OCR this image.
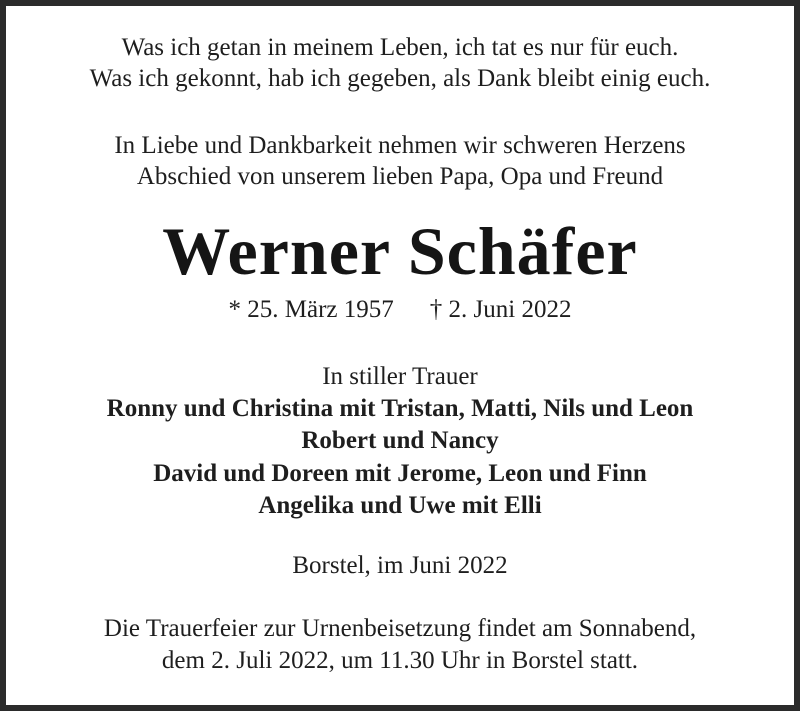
Was ich getan in meinem Leben, ich tat es nur für euch.
Was ich gekonnt, hab ich gegeben, als Dank bleibt einig euch.
In Liebe und Dankbarkeit nehmen wir schweren Herzens
Abschied von unserem lieben Papa, Opa und Freund
Werner Schäfer
* 25. März 1957 † 2. Juni 2022
In stiller Trauer
Ronny und Christina mit Tristan, Matti, Nils und Leon
Robert und Nancy
David und Doreen mit Jerome, Leon und Finn
Angelika und Uwe mit Elli
Borstel, im Juni 2022
Die Trauerfeier zur Urnenbeisetzung findet am Sonnabend,
dem 2. Juli 2022, um 11.30 Uhr in Borstel statt.
